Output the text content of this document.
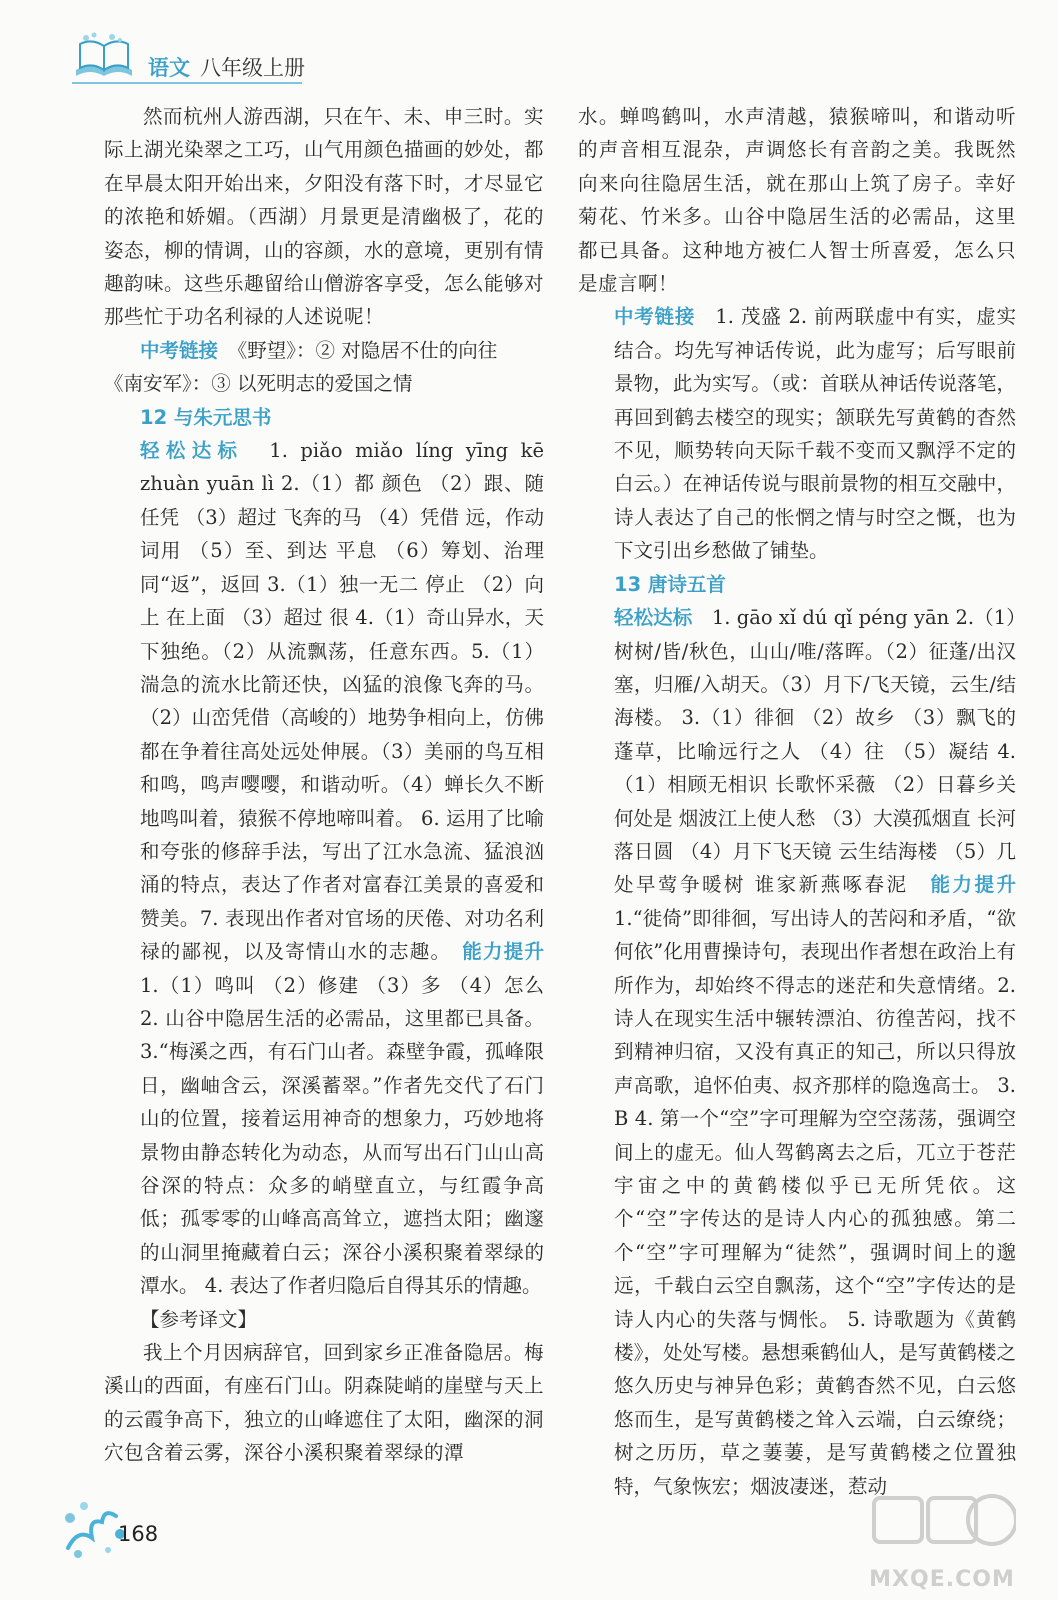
语文 八年级上册

然而杭州人游西湖，只在午、未、申三时。实际上湖光染翠之工巧，山气用颜色描画的妙处，都在早晨太阳开始出来，夕阳没有落下时，才尽显它的浓艳和娇媚。（西湖）月景更是清幽极了，花的姿态，柳的情调，山的容颜，水的意境，更别有情趣韵味。这些乐趣留给山僧游客享受，怎么能够对那些忙于功名利禄的人述说呢！

中考链接　 《野望》：② 对隐居不仕的向往

《南安军》：③ 以死明志的爱国之情

12 与朱元思书

轻松达标　 1. piǎo miǎo líng yīng kē zhuàn yuān lì 2.（1）都 颜色 （2）跟、随 任凭 （3）超过 飞奔的马 （4）凭借 远，作动词用 （5）至、到达 平息 （6）筹划、治理 同“返”，返回 3.（1）独一无二 停止 （2）向上 在上面 （3）超过 很 4.（1）奇山异水，天下独绝。（2）从流飘荡，任意东西。5.（1）湍急的流水比箭还快，凶猛的浪像飞奔的马。 （2）山峦凭借（高峻的）地势争相向上，仿佛都在争着往高处远处伸展。（3）美丽的鸟互相和鸣，鸣声嘤嘤，和谐动听。（4）蝉长久不断地鸣叫着，猿猴不停地啼叫着。 6. 运用了比喻和夸张的修辞手法，写出了江水急流、猛浪汹涌的特点，表达了作者对富春江美景的喜爱和赞美。7. 表现出作者对官场的厌倦、对功名利禄的鄙视，以及寄情山水的志趣。　 能力提升　1.（1）鸣叫 （2）修建 （3）多 （4）怎么 2. 山谷中隐居生活的必需品，这里都已具备。 3.“梅溪之西，有石门山者。森壁争霞，孤峰限日，幽岫含云，深溪蓄翠。”作者先交代了石门山的位置，接着运用神奇的想象力，巧妙地将景物由静态转化为动态，从而写出石门山山高谷深的特点：众多的峭壁直立，与红霞争高低；孤零零的山峰高高耸立，遮挡太阳；幽邃的山洞里掩藏着白云；深谷小溪积聚着翠绿的潭水。 4. 表达了作者归隐后自得其乐的情趣。

【参考译文】

我上个月因病辞官，回到家乡正准备隐居。梅溪山的西面，有座石门山。阴森陡峭的崖壁与天上的云霞争高下，独立的山峰遮住了太阳，幽深的洞穴包含着云雾，深谷小溪积聚着翠绿的潭

水。蝉鸣鹤叫，水声清越，猿猴啼叫，和谐动听的声音相互混杂，声调悠长有音韵之美。我既然向来向往隐居生活，就在那山上筑了房子。幸好菊花、竹米多。山谷中隐居生活的必需品，这里都已具备。这种地方被仁人智士所喜爱，怎么只是虚言啊！

中考链接　 1. 茂盛 2. 前两联虚中有实，虚实结合。均先写神话传说，此为虚写；后写眼前景物，此为实写。（或：首联从神话传说落笔，再回到鹤去楼空的现实；颔联先写黄鹤的杳然不见，顺势转向天际千载不变而又飘浮不定的白云。）在神话传说与眼前景物的相互交融中，诗人表达了自己的怅惘之情与时空之慨，也为下文引出乡愁做了铺垫。

13 唐诗五首

轻松达标　 1. gāo xǐ dú qǐ péng yān 2.（1）树树/皆/秋色，山山/唯/落晖。（2）征蓬/出汉塞，归雁/入胡天。（3）月下/飞天镜，云生/结海楼。 3.（1）徘徊 （2）故乡 （3）飘飞的蓬草，比喻远行之人 （4）往 （5）凝结 4.（1）相顾无相识 长歌怀采薇 （2）日暮乡关何处是 烟波江上使人愁 （3）大漠孤烟直 长河落日圆 （4）月下飞天镜 云生结海楼 （5）几处早莺争暖树 谁家新燕啄春泥　 能力提升　1.“徙倚”即徘徊，写出诗人的苦闷和矛盾，“欲何依”化用曹操诗句，表现出作者想在政治上有所作为，却始终不得志的迷茫和失意情绪。2. 诗人在现实生活中辗转漂泊、彷徨苦闷，找不到精神归宿，又没有真正的知己，所以只得放声高歌，追怀伯夷、叔齐那样的隐逸高士。 3. B 4. 第一个“空”字可理解为空空荡荡，强调空间上的虚无。仙人驾鹤离去之后，兀立于苍茫宇宙之中的黄鹤楼似乎已无所凭依。这个“空”字传达的是诗人内心的孤独感。第二个“空”字可理解为“徒然”，强调时间上的邈远，千载白云空自飘荡，这个“空”字传达的是诗人内心的失落与惆怅。 5. 诗歌题为《黄鹤楼》，处处写楼。悬想乘鹤仙人，是写黄鹤楼之悠久历史与神异色彩；黄鹤杳然不见，白云悠悠而生，是写黄鹤楼之耸入云端，白云缭绕；树之历历，草之萋萋，是写黄鹤楼之位置独特，气象恢宏；烟波凄迷，惹动

168
MXQE.COM
